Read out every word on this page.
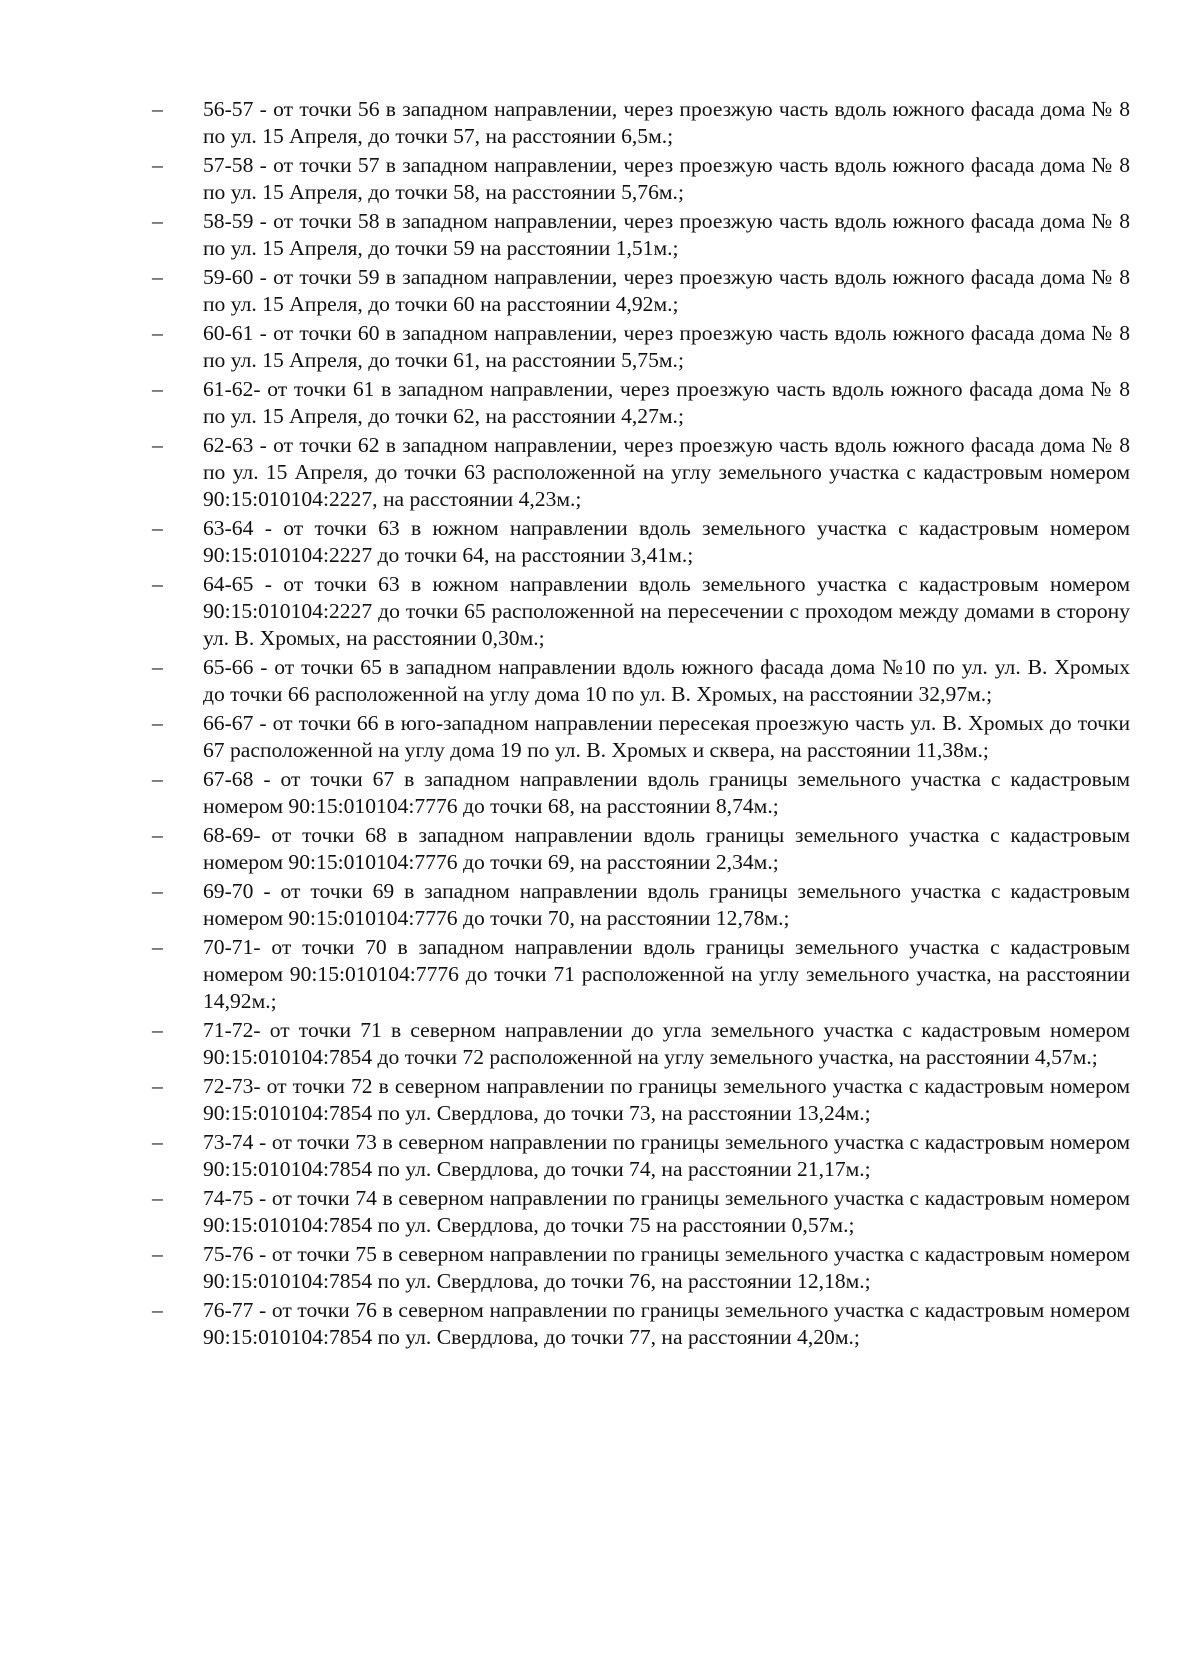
–	56-57 - от точки 56 в западном направлении, через проезжую часть вдоль южного фасада дома № 8 по ул. 15 Апреля, до точки 57, на расстоянии 6,5м.;
–	57-58 - от точки 57 в западном направлении, через проезжую часть вдоль южного фасада дома № 8 по ул. 15 Апреля, до точки 58, на расстоянии 5,76м.;
–	58-59 - от точки 58 в западном направлении, через проезжую часть вдоль южного фасада дома № 8 по ул. 15 Апреля, до точки 59 на расстоянии 1,51м.;
–	59-60 - от точки 59 в западном направлении, через проезжую часть вдоль южного фасада дома № 8 по ул. 15 Апреля, до точки 60 на расстоянии 4,92м.;
–	60-61 - от точки 60 в западном направлении, через проезжую часть вдоль южного фасада дома № 8 по ул. 15 Апреля, до точки 61, на расстоянии 5,75м.;
–	61-62- от точки 61 в западном направлении, через проезжую часть вдоль южного фасада дома № 8 по ул. 15 Апреля, до точки 62, на расстоянии 4,27м.;
–	62-63 - от точки 62 в западном направлении, через проезжую часть вдоль южного фасада дома № 8 по ул. 15 Апреля, до точки 63 расположенной на углу земельного участка с кадастровым номером 90:15:010104:2227, на расстоянии 4,23м.;
–	63-64 - от точки 63 в южном направлении вдоль земельного участка с кадастровым номером 90:15:010104:2227 до точки 64, на расстоянии 3,41м.;
–	64-65 - от точки 63 в южном направлении вдоль земельного участка с кадастровым номером 90:15:010104:2227 до точки 65 расположенной на пересечении с проходом между домами в сторону ул. В. Хромых, на расстоянии 0,30м.;
–	65-66 - от точки 65 в западном направлении вдоль южного фасада дома №10 по ул. ул. В. Хромых до точки 66 расположенной на углу дома 10 по ул. В. Хромых, на расстоянии 32,97м.;
–	66-67 - от точки 66 в юго-западном направлении пересекая проезжую часть ул. В. Хромых до точки 67 расположенной на углу дома 19 по ул. В. Хромых и сквера, на расстоянии 11,38м.;
–	67-68 - от точки 67 в западном направлении вдоль границы земельного участка с кадастровым номером 90:15:010104:7776 до точки 68, на расстоянии 8,74м.;
–	68-69- от точки 68 в западном направлении вдоль границы земельного участка с кадастровым номером 90:15:010104:7776 до точки 69, на расстоянии 2,34м.;
–	69-70 - от точки 69 в западном направлении вдоль границы земельного участка с кадастровым номером 90:15:010104:7776 до точки 70, на расстоянии 12,78м.;
–	70-71- от точки 70 в западном направлении вдоль границы земельного участка с кадастровым номером 90:15:010104:7776 до точки 71 расположенной на углу земельного участка, на расстоянии 14,92м.;
–	71-72- от точки 71 в северном направлении до угла земельного участка с кадастровым номером 90:15:010104:7854 до точки 72 расположенной на углу земельного участка, на расстоянии 4,57м.;
–	72-73- от точки 72 в северном направлении по границы земельного участка с кадастровым номером 90:15:010104:7854 по ул. Свердлова, до точки 73, на расстоянии 13,24м.;
–	73-74 - от точки 73 в северном направлении по границы земельного участка с кадастровым номером 90:15:010104:7854 по ул. Свердлова, до точки 74, на расстоянии 21,17м.;
–	74-75 - от точки 74 в северном направлении по границы земельного участка с кадастровым номером 90:15:010104:7854 по ул. Свердлова, до точки 75 на расстоянии 0,57м.;
–	75-76 - от точки 75 в северном направлении по границы земельного участка с кадастровым номером 90:15:010104:7854 по ул. Свердлова, до точки 76, на расстоянии 12,18м.;
–	76-77 - от точки 76 в северном направлении по границы земельного участка с кадастровым номером 90:15:010104:7854 по ул. Свердлова, до точки 77, на расстоянии 4,20м.;
